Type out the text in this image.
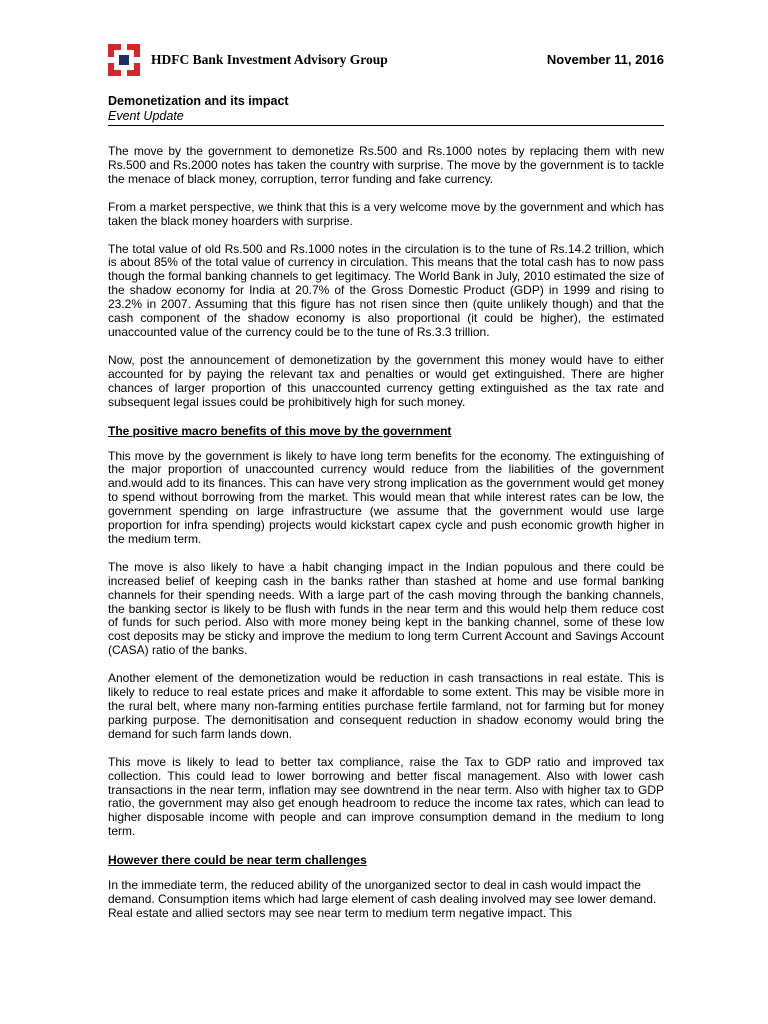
HDFC Bank Investment Advisory Group	November 11, 2016
Demonetization and its impact
Event Update

The move by the government to demonetize Rs.500 and Rs.1000 notes by replacing them with new Rs.500 and Rs.2000 notes has taken the country with surprise. The move by the government is to tackle the menace of black money, corruption, terror funding and fake currency.

From a market perspective, we think that this is a very welcome move by the government and which has taken the black money hoarders with surprise.

The total value of old Rs.500 and Rs.1000 notes in the circulation is to the tune of Rs.14.2 trillion, which is about 85% of the total value of currency in circulation. This means that the total cash has to now pass though the formal banking channels to get legitimacy. The World Bank in July, 2010 estimated the size of the shadow economy for India at 20.7% of the Gross Domestic Product (GDP) in 1999 and rising to 23.2% in 2007. Assuming that this figure has not risen since then (quite unlikely though) and that the cash component of the shadow economy is also proportional (it could be higher), the estimated unaccounted value of the currency could be to the tune of Rs.3.3 trillion.

Now, post the announcement of demonetization by the government this money would have to either accounted for by paying the relevant tax and penalties or would get extinguished. There are higher chances of larger proportion of this unaccounted currency getting extinguished as the tax rate and subsequent legal issues could be prohibitively high for such money.

The positive macro benefits of this move by the government

This move by the government is likely to have long term benefits for the economy. The extinguishing of the major proportion of unaccounted currency would reduce from the liabilities of the government and.would add to its finances. This can have very strong implication as the government would get money to spend without borrowing from the market. This would mean that while interest rates can be low, the government spending on large infrastructure (we assume that the government would use large proportion for infra spending) projects would kickstart capex cycle and push economic growth higher in the medium term.

The move is also likely to have a habit changing impact in the Indian populous and there could be increased belief of keeping cash in the banks rather than stashed at home and use formal banking channels for their spending needs. With a large part of the cash moving through the banking channels, the banking sector is likely to be flush with funds in the near term and this would help them reduce cost of funds for such period. Also with more money being kept in the banking channel, some of these low cost deposits may be sticky and improve the medium to long term Current Account and Savings Account (CASA) ratio of the banks.

Another element of the demonetization would be reduction in cash transactions in real estate. This is likely to reduce to real estate prices and make it affordable to some extent. This may be visible more in the rural belt, where many non-farming entities purchase fertile farmland, not for farming but for money parking purpose. The demonitisation and consequent reduction in shadow economy would bring the demand for such farm lands down.

This move is likely to lead to better tax compliance, raise the Tax to GDP ratio and improved tax collection. This could lead to lower borrowing and better fiscal management. Also with lower cash transactions in the near term, inflation may see downtrend in the near term. Also with higher tax to GDP ratio, the government may also get enough headroom to reduce the income tax rates, which can lead to higher disposable income with people and can improve consumption demand in the medium to long term.

However there could be near term challenges

In the immediate term, the reduced ability of the unorganized sector to deal in cash would impact the demand. Consumption items which had large element of cash dealing involved may see lower demand. Real estate and allied sectors may see near term to medium term negative impact. This
